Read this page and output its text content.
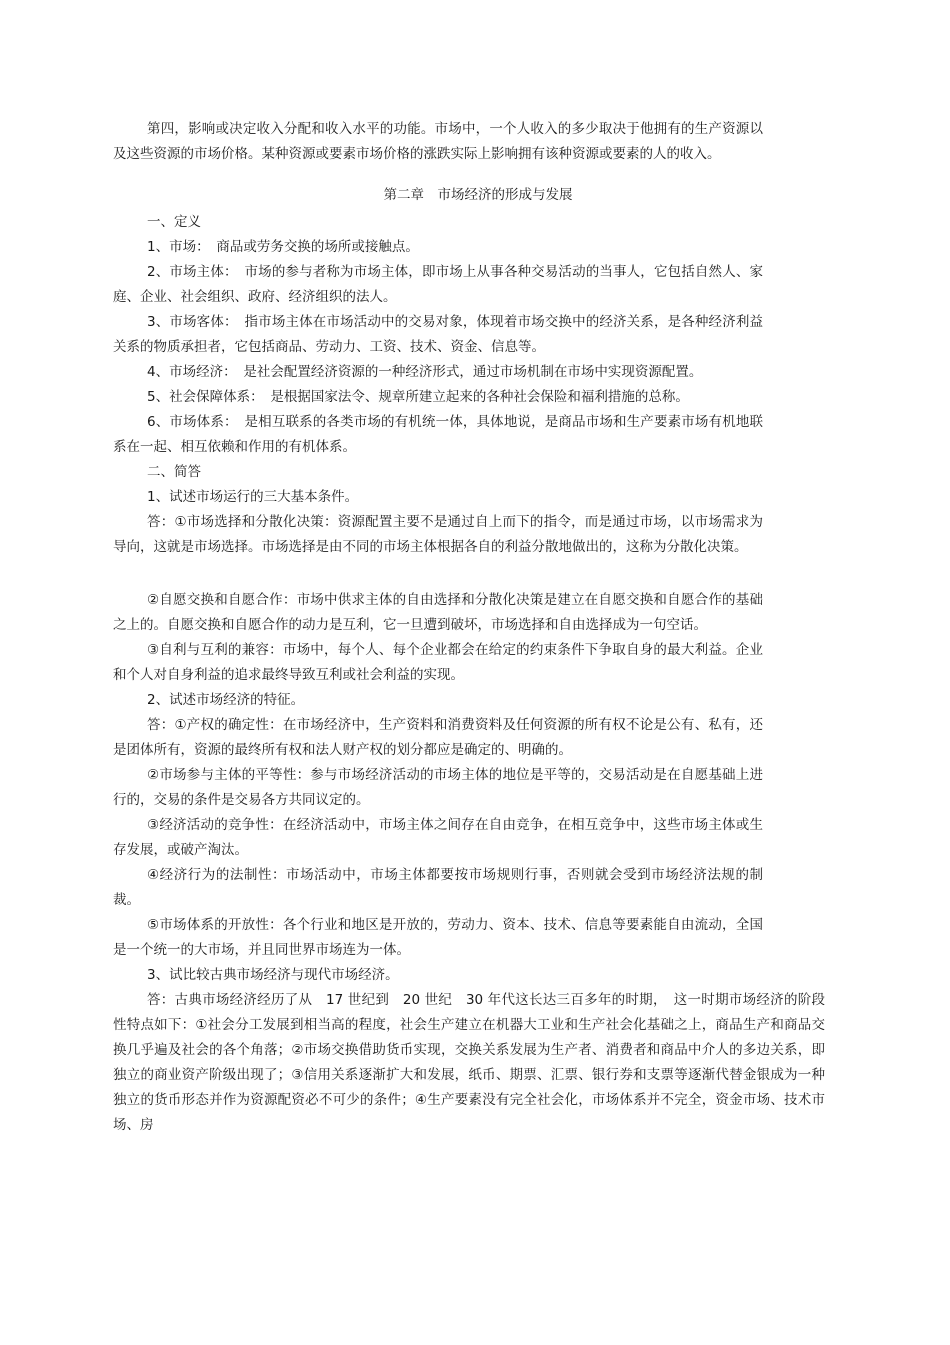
第四，影响或决定收入分配和收入水平的功能。市场中，一个人收入的多少取决于他拥有的生产资源以及这些资源的市场价格。某种资源或要素市场价格的涨跌实际上影响拥有该种资源或要素的人的收入。

第二章　市场经济的形成与发展

一、定义

1、市场：　商品或劳务交换的场所或接触点。

2、市场主体：　市场的参与者称为市场主体，即市场上从事各种交易活动的当事人，它包括自然人、家庭、企业、社会组织、政府、经济组织的法人。

3、市场客体：　指市场主体在市场活动中的交易对象，体现着市场交换中的经济关系，是各种经济利益关系的物质承担者，它包括商品、劳动力、工资、技术、资金、信息等。

4、市场经济：　是社会配置经济资源的一种经济形式，通过市场机制在市场中实现资源配置。

5、社会保障体系：　是根据国家法令、规章所建立起来的各种社会保险和福利措施的总称。

6、市场体系：　是相互联系的各类市场的有机统一体，具体地说，是商品市场和生产要素市场有机地联系在一起、相互依赖和作用的有机体系。

二、简答

1、试述市场运行的三大基本条件。

答：①市场选择和分散化决策：资源配置主要不是通过自上而下的指令，而是通过市场，以市场需求为导向，这就是市场选择。市场选择是由不同的市场主体根据各自的利益分散地做出的，这称为分散化决策。

②自愿交换和自愿合作：市场中供求主体的自由选择和分散化决策是建立在自愿交换和自愿合作的基础之上的。自愿交换和自愿合作的动力是互利，它一旦遭到破坏，市场选择和自由选择成为一句空话。

③自利与互利的兼容：市场中，每个人、每个企业都会在给定的约束条件下争取自身的最大利益。企业和个人对自身利益的追求最终导致互利或社会利益的实现。

2、试述市场经济的特征。

答：①产权的确定性：在市场经济中，生产资料和消费资料及任何资源的所有权不论是公有、私有，还是团体所有，资源的最终所有权和法人财产权的划分都应是确定的、明确的。

②市场参与主体的平等性：参与市场经济活动的市场主体的地位是平等的，交易活动是在自愿基础上进行的，交易的条件是交易各方共同议定的。

③经济活动的竞争性：在经济活动中，市场主体之间存在自由竞争，在相互竞争中，这些市场主体或生存发展，或破产淘汰。

④经济行为的法制性：市场活动中，市场主体都要按市场规则行事，否则就会受到市场经济法规的制裁。

⑤市场体系的开放性：各个行业和地区是开放的，劳动力、资本、技术、信息等要素能自由流动，全国是一个统一的大市场，并且同世界市场连为一体。

3、试比较古典市场经济与现代市场经济。

答：古典市场经济经历了从　17 世纪到　20 世纪　30 年代这长达三百多年的时期，　这一时期市场经济的阶段性特点如下：①社会分工发展到相当高的程度，社会生产建立在机器大工业和生产社会化基础之上，商品生产和商品交换几乎遍及社会的各个角落；②市场交换借助货币实现，交换关系发展为生产者、消费者和商品中介人的多边关系，即独立的商业资产阶级出现了；③信用关系逐渐扩大和发展，纸币、期票、汇票、银行券和支票等逐渐代替金银成为一种独立的货币形态并作为资源配资必不可少的条件；④生产要素没有完全社会化，市场体系并不完全，资金市场、技术市场、房
